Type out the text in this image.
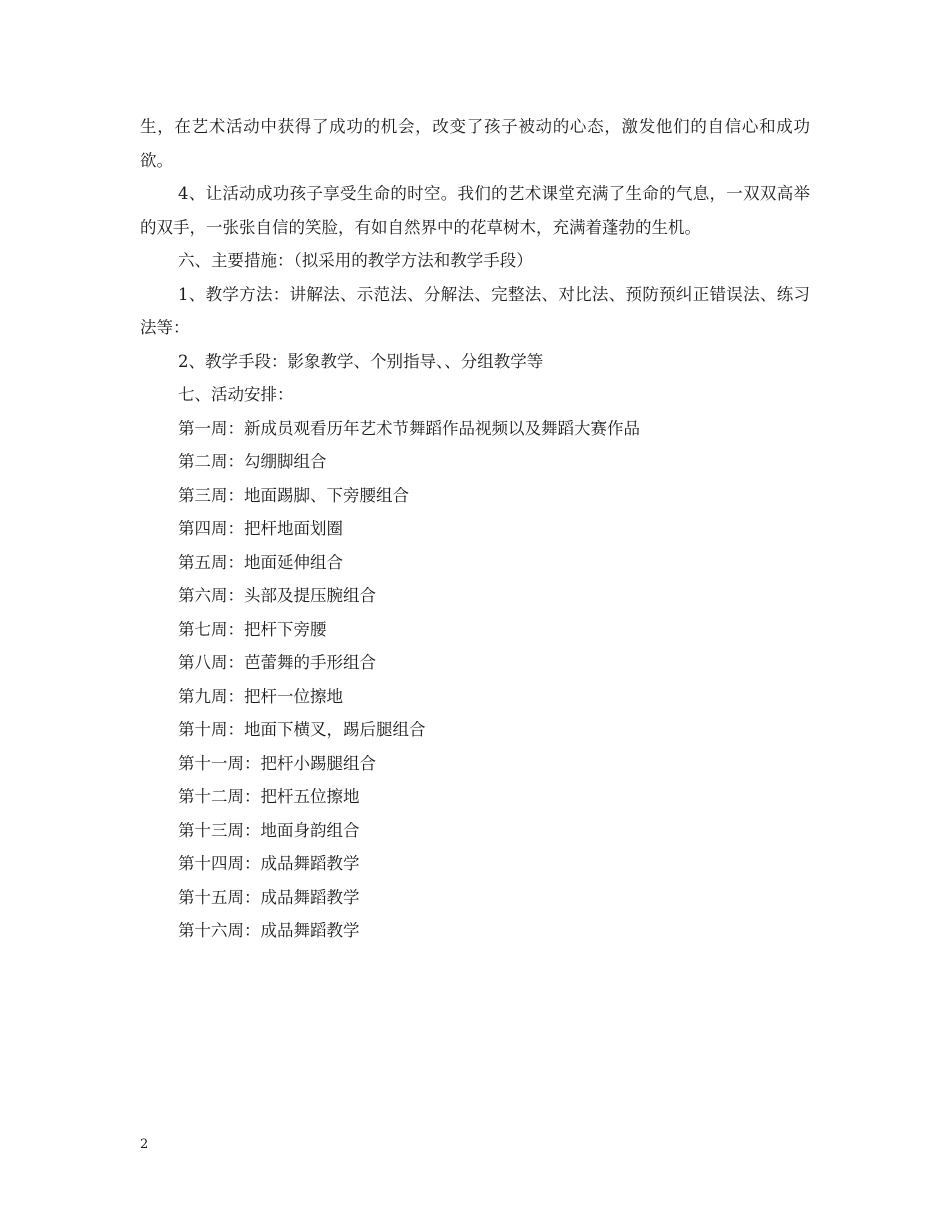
生，在艺术活动中获得了成功的机会，改变了孩子被动的心态，激发他们的自信心和成功欲。

4、让活动成功孩子享受生命的时空。我们的艺术课堂充满了生命的气息，一双双高举的双手，一张张自信的笑脸，有如自然界中的花草树木，充满着蓬勃的生机。

六、主要措施：（拟采用的教学方法和教学手段）

1、教学方法：讲解法、示范法、分解法、完整法、对比法、预防预纠正错误法、练习法等：

2、教学手段：影象教学、个别指导、、分组教学等

七、活动安排：

第一周：新成员观看历年艺术节舞蹈作品视频以及舞蹈大赛作品
第二周：勾绷脚组合
第三周：地面踢脚、下旁腰组合
第四周：把杆地面划圈
第五周：地面延伸组合
第六周：头部及提压腕组合
第七周：把杆下旁腰
第八周：芭蕾舞的手形组合
第九周：把杆一位擦地
第十周：地面下横叉，踢后腿组合
第十一周：把杆小踢腿组合
第十二周：把杆五位擦地
第十三周：地面身韵组合
第十四周：成品舞蹈教学
第十五周：成品舞蹈教学
第十六周：成品舞蹈教学
2
